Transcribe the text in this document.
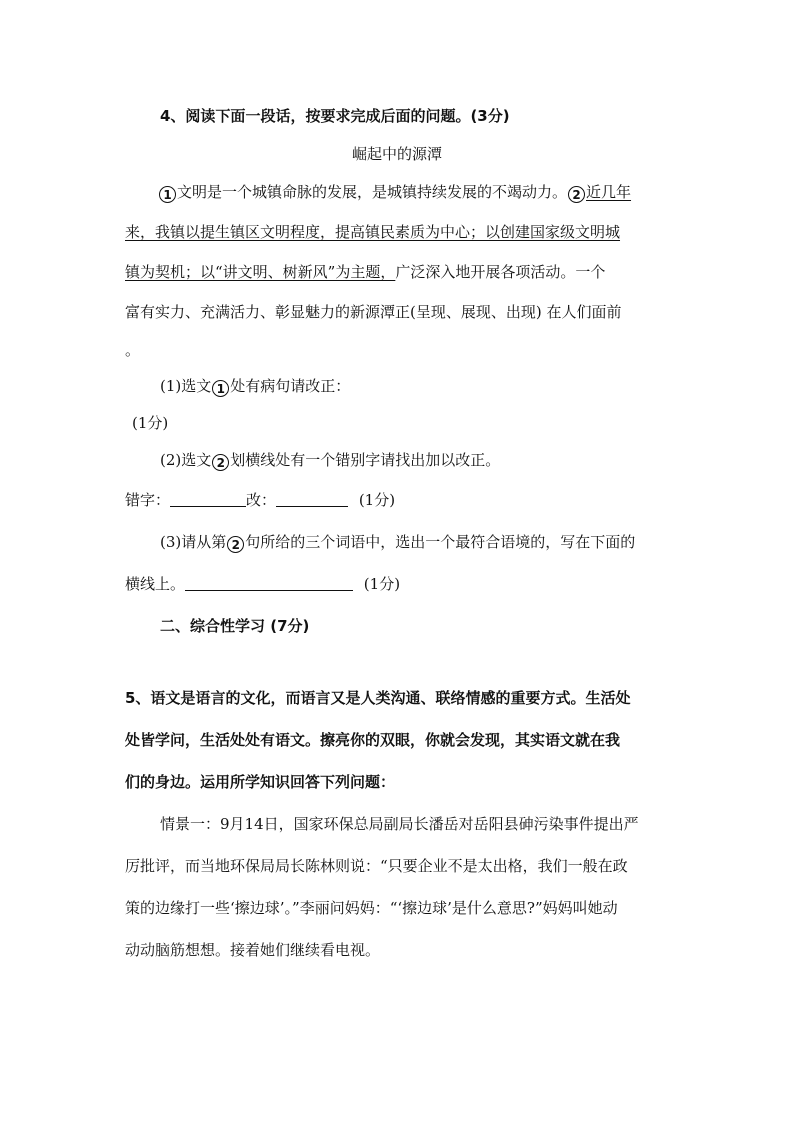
4、阅读下面一段话，按要求完成后面的问题。(3分)

崛起中的源潭

1 文明是一个城镇命脉的发展，是城镇持续发展的不竭动力。 2 近几年

来，我镇以提生镇区文明程度，提高镇民素质为中心；以创建国家级文明城

镇为契机；以“讲文明、树新风”为主题，广泛深入地开展各项活动。一个

富有实力、充满活力、彰显魅力的新源潭正(呈现、展现、出现) 在人们面前

。

(1)选文 1 处有病句请改正：

(1分)

(2)选文 2 划横线处有一个错别字请找出加以改正。

错字：	改：	(1分)

(3)请从第 2 句所给的三个词语中，选出一个最符合语境的，写在下面的

横线上。	(1分)

二、综合性学习 (7分)

5、语文是语言的文化，而语言又是人类沟通、联络情感的重要方式。生活处

处皆学问，生活处处有语文。擦亮你的双眼，你就会发现，其实语文就在我

们的身边。运用所学知识回答下列问题：

情景一：9月14日，国家环保总局副局长潘岳对岳阳县砷污染事件提出严

厉批评，而当地环保局局长陈林则说：“只要企业不是太出格，我们一般在政

策的边缘打一些‘擦边球’。”李丽问妈妈：“‘擦边球’是什么意思?”妈妈叫她动

动动脑筋想想。接着她们继续看电视。
